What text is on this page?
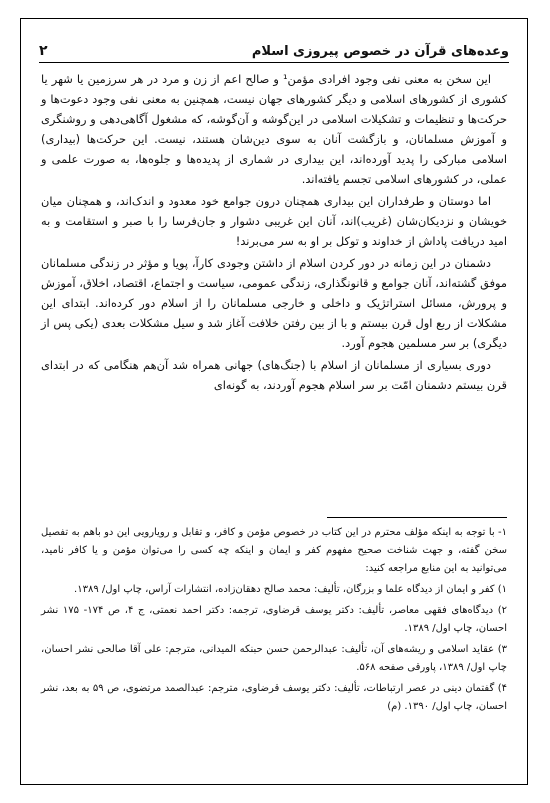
وعده‌های قرآن در خصوص پیروزی اسلام
۲

این سخن به معنی نفی وجود افرادی مؤمن¹ و صالح اعم از زن و مرد در هر سرزمین یا شهر یا کشوری از کشورهای اسلامی و دیگر کشورهای جهان نیست، همچنین به معنی نفی وجود دعوت‌ها و حرکت‌ها و تنظیمات و تشکیلات اسلامی در این‌گوشه و آن‌گوشه، که مشغول آگاهی‌دهی و روشنگری و آموزش مسلمانان، و بازگشت آنان به سوی دین‌شان هستند، نیست. این حرکت‌ها (بیداری) اسلامی مبارکی را پدید آورده‌اند، این بیداری در شماری از پدیده‌ها و جلوه‌ها، به صورت علمی و عملی، در کشورهای اسلامی تجسم یافته‌اند.

اما دوستان و طرفداران این بیداری همچنان درون جوامع خود معدود و اندک‌اند، و همچنان میان خویشان و نزدیکان‌شان (غریب)اند، آنان این غریبی دشوار و جان‌فرسا را با صبر و استقامت و به امید دریافت پاداش از خداوند و توکل بر او به سر می‌برند!

دشمنان در این زمانه در دور کردن اسلام از داشتن وجودی کارآ، پویا و مؤثر در زندگی مسلمانان موفق گشته‌اند، آنان جوامع و قانونگذاری، زندگی عمومی، سیاست و اجتماع، اقتصاد، اخلاق، آموزش و پرورش، مسائل استراتژیک و داخلی و خارجی مسلمانان را از اسلام دور کرده‌اند. ابتدای این مشکلات از ربع اول قرن بیستم و با از بین رفتن خلافت آغاز شد و سیل مشکلات بعدی (یکی پس از دیگری) بر سر مسلمین هجوم آورد.

دوری بسیاری از مسلمانان از اسلام با (جنگ‌های) جهانی همراه شد آن‌هم هنگامی که در ابتدای قرن بیستم دشمنان امّت بر سر اسلام هجوم آوردند، به گونه‌ای

۱- با توجه به اینکه مؤلف محترم در این کتاب در خصوص مؤمن و کافر، و تقابل و رویارویی این دو باهم به تفصیل سخن گفته، و جهت شناخت صحیح مفهوم کفر و ایمان و اینکه چه کسی را می‌توان مؤمن و یا کافر نامید، می‌توانید به این منابع مراجعه کنید:

۱) کفر و ایمان از دیدگاه علما و بزرگان، تألیف: محمد صالح دهقان‌زاده، انتشارات آراس، چاپ اول/ ۱۳۸۹.

۲) دیدگاه‌های فقهی معاصر، تألیف: دکتر یوسف قرضاوی، ترجمه: دکتر احمد نعمتی، ج ۴، ص ۱۷۴- ۱۷۵ نشر احسان، چاپ اول/ ۱۳۸۹.

۳) عقاید اسلامی و ریشه‌های آن، تألیف: عبدالرحمن حسن حبنکه المیدانی، مترجم: علی آقا صالحی نشر احسان، چاپ اول/ ۱۳۸۹، پاورقی صفحه ۵۶۸.

۴) گفتمان دینی در عصر ارتباطات، تألیف: دکتر یوسف قرضاوی، مترجم: عبدالصمد مرتضوی، ص ۵۹ به بعد، نشر احسان، چاپ اول/ ۱۳۹۰. (م)
